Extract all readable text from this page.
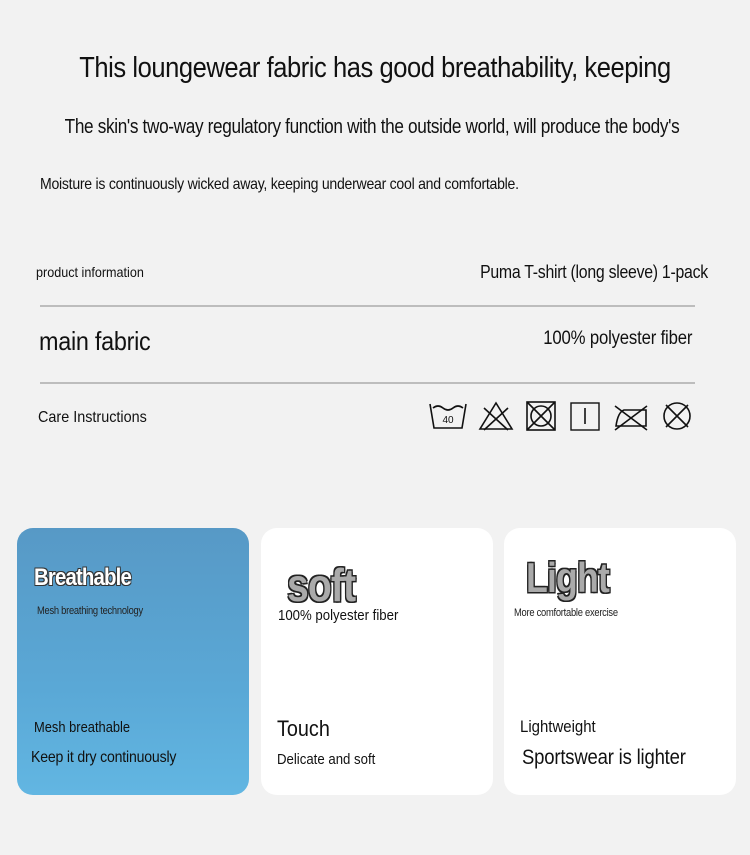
This loungewear fabric has good breathability, keeping
The skin's two-way regulatory function with the outside world, will produce the body's
Moisture is continuously wicked away, keeping underwear cool and comfortable.
product information	Puma T-shirt (long sleeve) 1-pack
main fabric	100% polyester fiber
Care Instructions	40
Breathable
Mesh breathing technology
Mesh breathable
Keep it dry continuously
soft
100% polyester fiber
Touch
Delicate and soft
Light
More comfortable exercise
Lightweight
Sportswear is lighter
